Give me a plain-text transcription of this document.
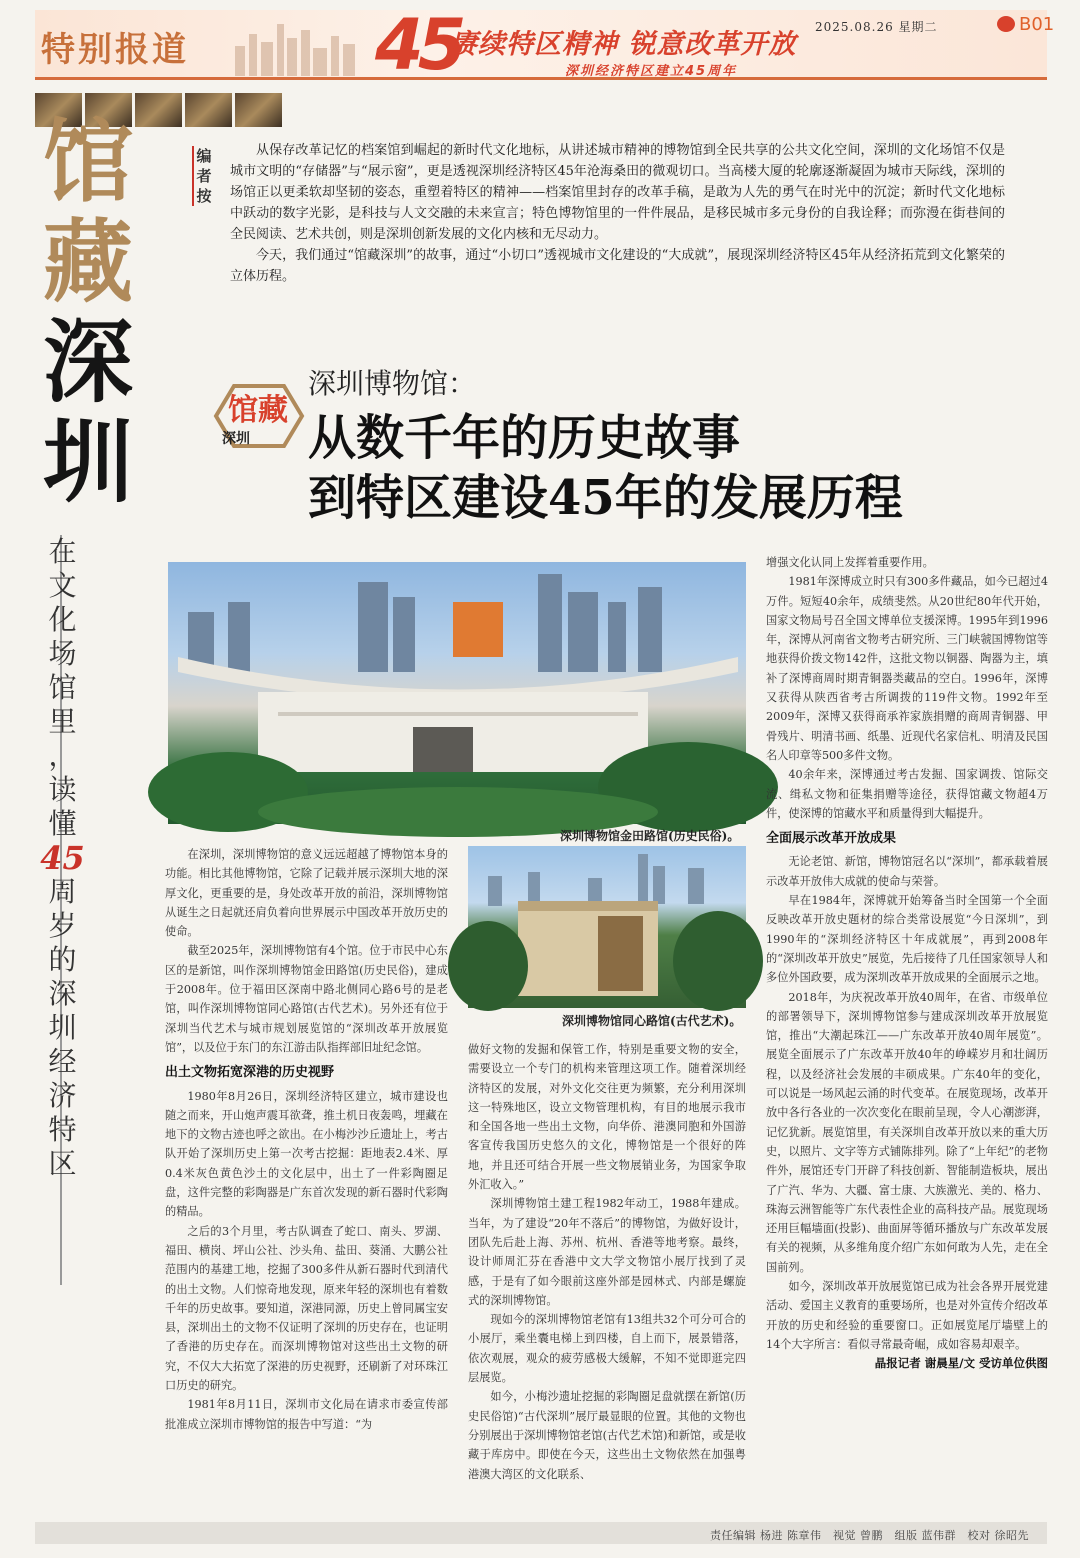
特别报道	45
赓续特区精神 锐意改革开放
深圳经济特区建立45周年
2025.08.26 星期二	B01
馆
藏
深
圳
在
文
化
场
馆
里
，
读
懂
45
周
岁
的
深
圳
经
济
特
区
编
者
按

从保存改革记忆的档案馆到崛起的新时代文化地标，从讲述城市精神的博物馆到全民共享的公共文化空间，深圳的文化场馆不仅是城市文明的“存储器”与“展示窗”，更是透视深圳经济特区45年沧海桑田的微观切口。当高楼大厦的轮廓逐渐凝固为城市天际线，深圳的场馆正以更柔软却坚韧的姿态，重塑着特区的精神——档案馆里封存的改革手稿，是敢为人先的勇气在时光中的沉淀；新时代文化地标中跃动的数字光影，是科技与人文交融的未来宣言；特色博物馆里的一件件展品，是移民城市多元身份的自我诠释；而弥漫在街巷间的全民阅读、艺术共创，则是深圳创新发展的文化内核和无尽动力。

今天，我们通过“馆藏深圳”的故事，通过“小切口”透视城市文化建设的“大成就”，展现深圳经济特区45年从经济拓荒到文化繁荣的立体历程。

馆藏
深圳
深圳博物馆：
从数千年的历史故事
到特区建设45年的发展历程
深圳博物馆金田路馆(历史民俗)。
深圳博物馆同心路馆(古代艺术)。

在深圳，深圳博物馆的意义远远超越了博物馆本身的功能。相比其他博物馆，它除了记载并展示深圳大地的深厚文化，更重要的是，身处改革开放的前沿，深圳博物馆从诞生之日起就还肩负着向世界展示中国改革开放历史的使命。

截至2025年，深圳博物馆有4个馆。位于市民中心东区的是新馆，叫作深圳博物馆金田路馆(历史民俗)，建成于2008年。位于福田区深南中路北侧同心路6号的是老馆，叫作深圳博物馆同心路馆(古代艺术)。另外还有位于深圳当代艺术与城市规划展览馆的“深圳改革开放展览馆”，以及位于东门的东江游击队指挥部旧址纪念馆。

出土文物拓宽深港的历史视野

1980年8月26日，深圳经济特区建立，城市建设也随之而来，开山炮声震耳欲聋，推土机日夜轰鸣，埋藏在地下的文物古迹也呼之欲出。在小梅沙沙丘遗址上，考古队开始了深圳历史上第一次考古挖掘：距地表2.4米、厚0.4米灰色黄色沙土的文化层中，出土了一件彩陶圈足盘，这件完整的彩陶器是广东首次发现的新石器时代彩陶的精品。

之后的3个月里，考古队调查了蛇口、南头、罗湖、福田、横岗、坪山公社、沙头角、盐田、葵涌、大鹏公社范围内的基建工地，挖掘了300多件从新石器时代到清代的出土文物。人们惊奇地发现，原来年轻的深圳也有着数千年的历史故事。要知道，深港同源，历史上曾同属宝安县，深圳出土的文物不仅证明了深圳的历史存在，也证明了香港的历史存在。而深圳博物馆对这些出土文物的研究，不仅大大拓宽了深港的历史视野，还刷新了对环珠江口历史的研究。

1981年8月11日，深圳市文化局在请求市委宣传部批准成立深圳市博物馆的报告中写道：“为

做好文物的发掘和保管工作，特别是重要文物的安全，需要设立一个专门的机构来管理这项工作。随着深圳经济特区的发展，对外文化交往更为频繁，充分利用深圳这一特殊地区，设立文物管理机构，有目的地展示我市和全国各地一些出土文物，向华侨、港澳同胞和外国游客宣传我国历史悠久的文化，博物馆是一个很好的阵地，并且还可结合开展一些文物展销业务，为国家争取外汇收入。”

深圳博物馆土建工程1982年动工，1988年建成。当年，为了建设“20年不落后”的博物馆，为做好设计，团队先后赴上海、苏州、杭州、香港等地考察。最终，设计师周汇芬在香港中文大学文物馆小展厅找到了灵感，于是有了如今眼前这座外部是园林式、内部是螺旋式的深圳博物馆。

现如今的深圳博物馆老馆有13组共32个可分可合的小展厅，乘坐囊电梯上到四楼，自上而下，展景错落，依次观展，观众的疲劳感极大缓解，不知不觉即逛完四层展览。

如今，小梅沙遗址挖掘的彩陶圈足盘就摆在新馆(历史民俗馆)“古代深圳”展厅最显眼的位置。其他的文物也分别展出于深圳博物馆老馆(古代艺术馆)和新馆，或是收藏于库房中。即使在今天，这些出土文物依然在加强粤港澳大湾区的文化联系、

增强文化认同上发挥着重要作用。

1981年深博成立时只有300多件藏品，如今已超过4万件。短短40余年，成绩斐然。从20世纪80年代开始，国家文物局号召全国文博单位支援深博。1995年到1996年，深博从河南省文物考古研究所、三门峡虢国博物馆等地获得价拨文物142件，这批文物以铜器、陶器为主，填补了深博商周时期青铜器类藏品的空白。1996年，深博又获得从陕西省考古所调拨的119件文物。1992年至2009年，深博又获得商承祚家族捐赠的商周青铜器、甲骨残片、明清书画、纸墨、近现代名家信札、明清及民国名人印章等500多件文物。

40余年来，深博通过考古发掘、国家调拨、馆际交流、缉私文物和征集捐赠等途径，获得馆藏文物超4万件，使深博的馆藏水平和质量得到大幅提升。

全面展示改革开放成果

无论老馆、新馆，博物馆冠名以“深圳”，都承载着展示改革开放伟大成就的使命与荣誉。

早在1984年，深博就开始筹备当时全国第一个全面反映改革开放史题材的综合类常设展览“今日深圳”，到1990年的“深圳经济特区十年成就展”，再到2008年的“深圳改革开放史”展览，先后接待了几任国家领导人和多位外国政要，成为深圳改革开放成果的全面展示之地。

2018年，为庆祝改革开放40周年，在省、市级单位的部署领导下，深圳博物馆参与建成深圳改革开放展览馆，推出“大潮起珠江——广东改革开放40周年展览”。展览全面展示了广东改革开放40年的峥嵘岁月和壮阔历程，以及经济社会发展的丰硕成果。广东40年的变化，可以说是一场风起云涌的时代变革。在展览现场，改革开放中各行各业的一次次变化在眼前呈现，令人心潮澎湃，记忆犹新。展览馆里，有关深圳自改革开放以来的重大历史，以照片、文字等方式铺陈排列。除了“上年纪”的老物件外，展馆还专门开辟了科技创新、智能制造板块，展出了广汽、华为、大疆、富士康、大族激光、美的、格力、珠海云洲智能等广东代表性企业的高科技产品。展览现场还用巨幅墙面(投影)、曲面屏等循环播放与广东改革发展有关的视频，从多维角度介绍广东如何敢为人先，走在全国前列。

如今，深圳改革开放展览馆已成为社会各界开展党建活动、爱国主义教育的重要场所，也是对外宣传介绍改革开放的历史和经验的重要窗口。正如展览尾厅墙壁上的14个大字所言：看似寻常最奇崛，成如容易却艰辛。

晶报记者 谢晨星/文 受访单位供图

责任编辑 杨进 陈章伟　视觉 曾鹏　组版 蓝伟群　校对 徐昭先
